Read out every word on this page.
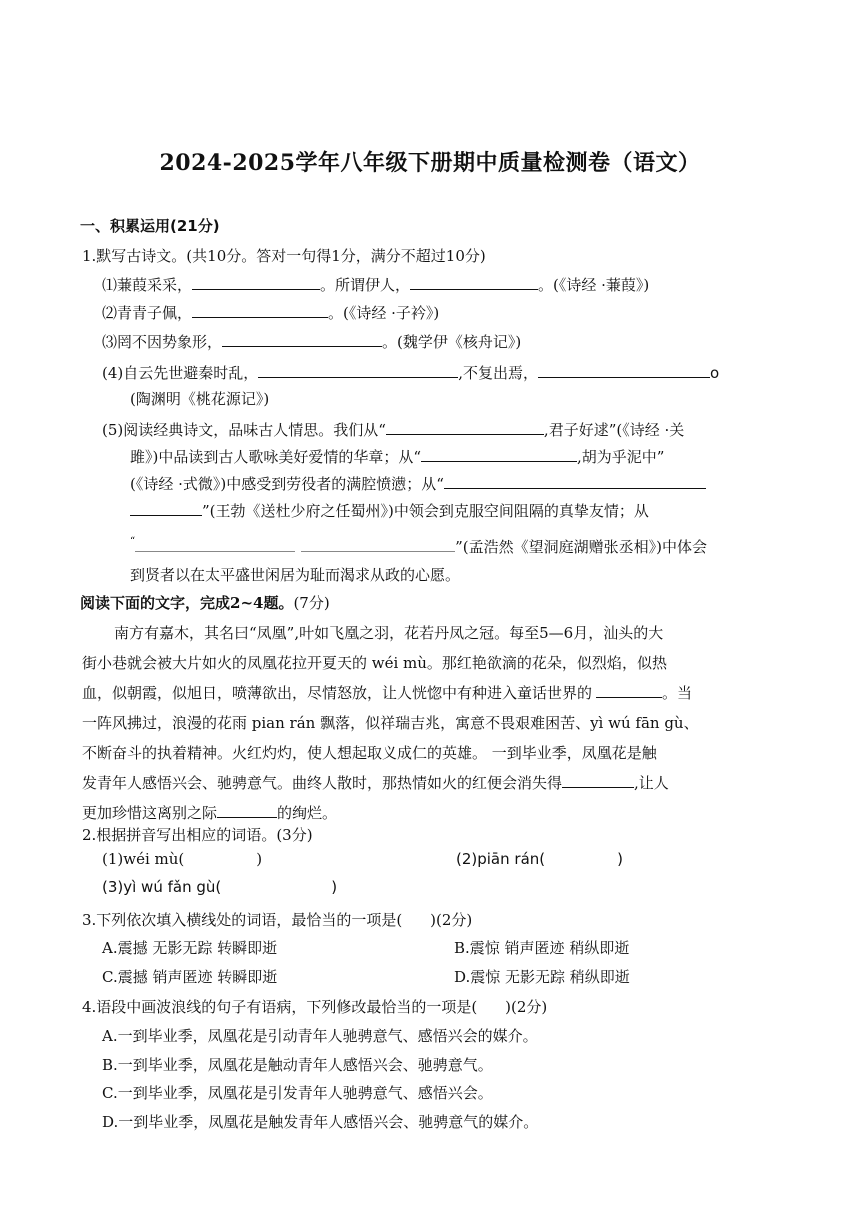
2024-2025学年八年级下册期中质量检测卷（语文）
一、积累运用(21分)
1.默写古诗文。(共10分。答对一句得1分，满分不超过10分)
⑴蒹葭采采，	。所谓伊人，	。(《诗经 ·蒹葭》)
⑵青青子佩，	。(《诗经 ·子衿》)
⑶罔不因势象形，	。(魏学伊《核舟记》)
(4)自云先世避秦时乱，	,不复出焉，	o
(陶渊明《桃花源记》)
(5)阅读经典诗文，品味古人情思。我们从“	,君子好逑”(《诗经 ·关
雎》)中品读到古人歌咏美好爱情的华章；从“	,胡为乎泥中”
(《诗经 ·式微》)中感受到劳役者的满腔愤懑；从“
”(王勃《送杜少府之任蜀州》)中领会到克服空间阻隔的真挚友情；从
“	”(孟浩然《望洞庭湖赠张丞相》)中体会
到贤者以在太平盛世闲居为耻而渴求从政的心愿。
阅读下面的文字，完成2~4题。(7分)
南方有嘉木，其名曰“凤凰”,叶如飞凰之羽，花若丹凤之冠。每至5—6月，汕头的大
街小巷就会被大片如火的凤凰花拉开夏天的 wéi mù。那红艳欲滴的花朵，似烈焰，似热
血，似朝霞，似旭日，喷薄欲出，尽情怒放，让人恍惚中有种进入童话世界的	。当
一阵风拂过，浪漫的花雨 pian rán 飘落，似祥瑞吉兆，寓意不畏艰难困苦、yì wú fān gù、
不断奋斗的执着精神。火红灼灼，使人想起取义成仁的英雄。 一到毕业季，凤凰花是触
发青年人感悟兴会、驰骋意气。曲终人散时，那热情如火的红便会消失得	,让人
更加珍惜这离别之际	的绚烂。
2.根据拼音写出相应的词语。(3分)
(1)wéi mù(	)	(2)piān rán(	)
(3)yì wú fǎn gù(	)
3.下列依次填入横线处的词语，最恰当的一项是( )(2分)
A.震撼 无影无踪 转瞬即逝	B.震惊 销声匿迹 稍纵即逝
C.震撼 销声匿迹 转瞬即逝	D.震惊 无影无踪 稍纵即逝
4.语段中画波浪线的句子有语病，下列修改最恰当的一项是( )(2分)
A.一到毕业季，凤凰花是引动青年人驰骋意气、感悟兴会的媒介。
B.一到毕业季，凤凰花是触动青年人感悟兴会、驰骋意气。
C.一到毕业季，凤凰花是引发青年人驰骋意气、感悟兴会。
D.一到毕业季，凤凰花是触发青年人感悟兴会、驰骋意气的媒介。
